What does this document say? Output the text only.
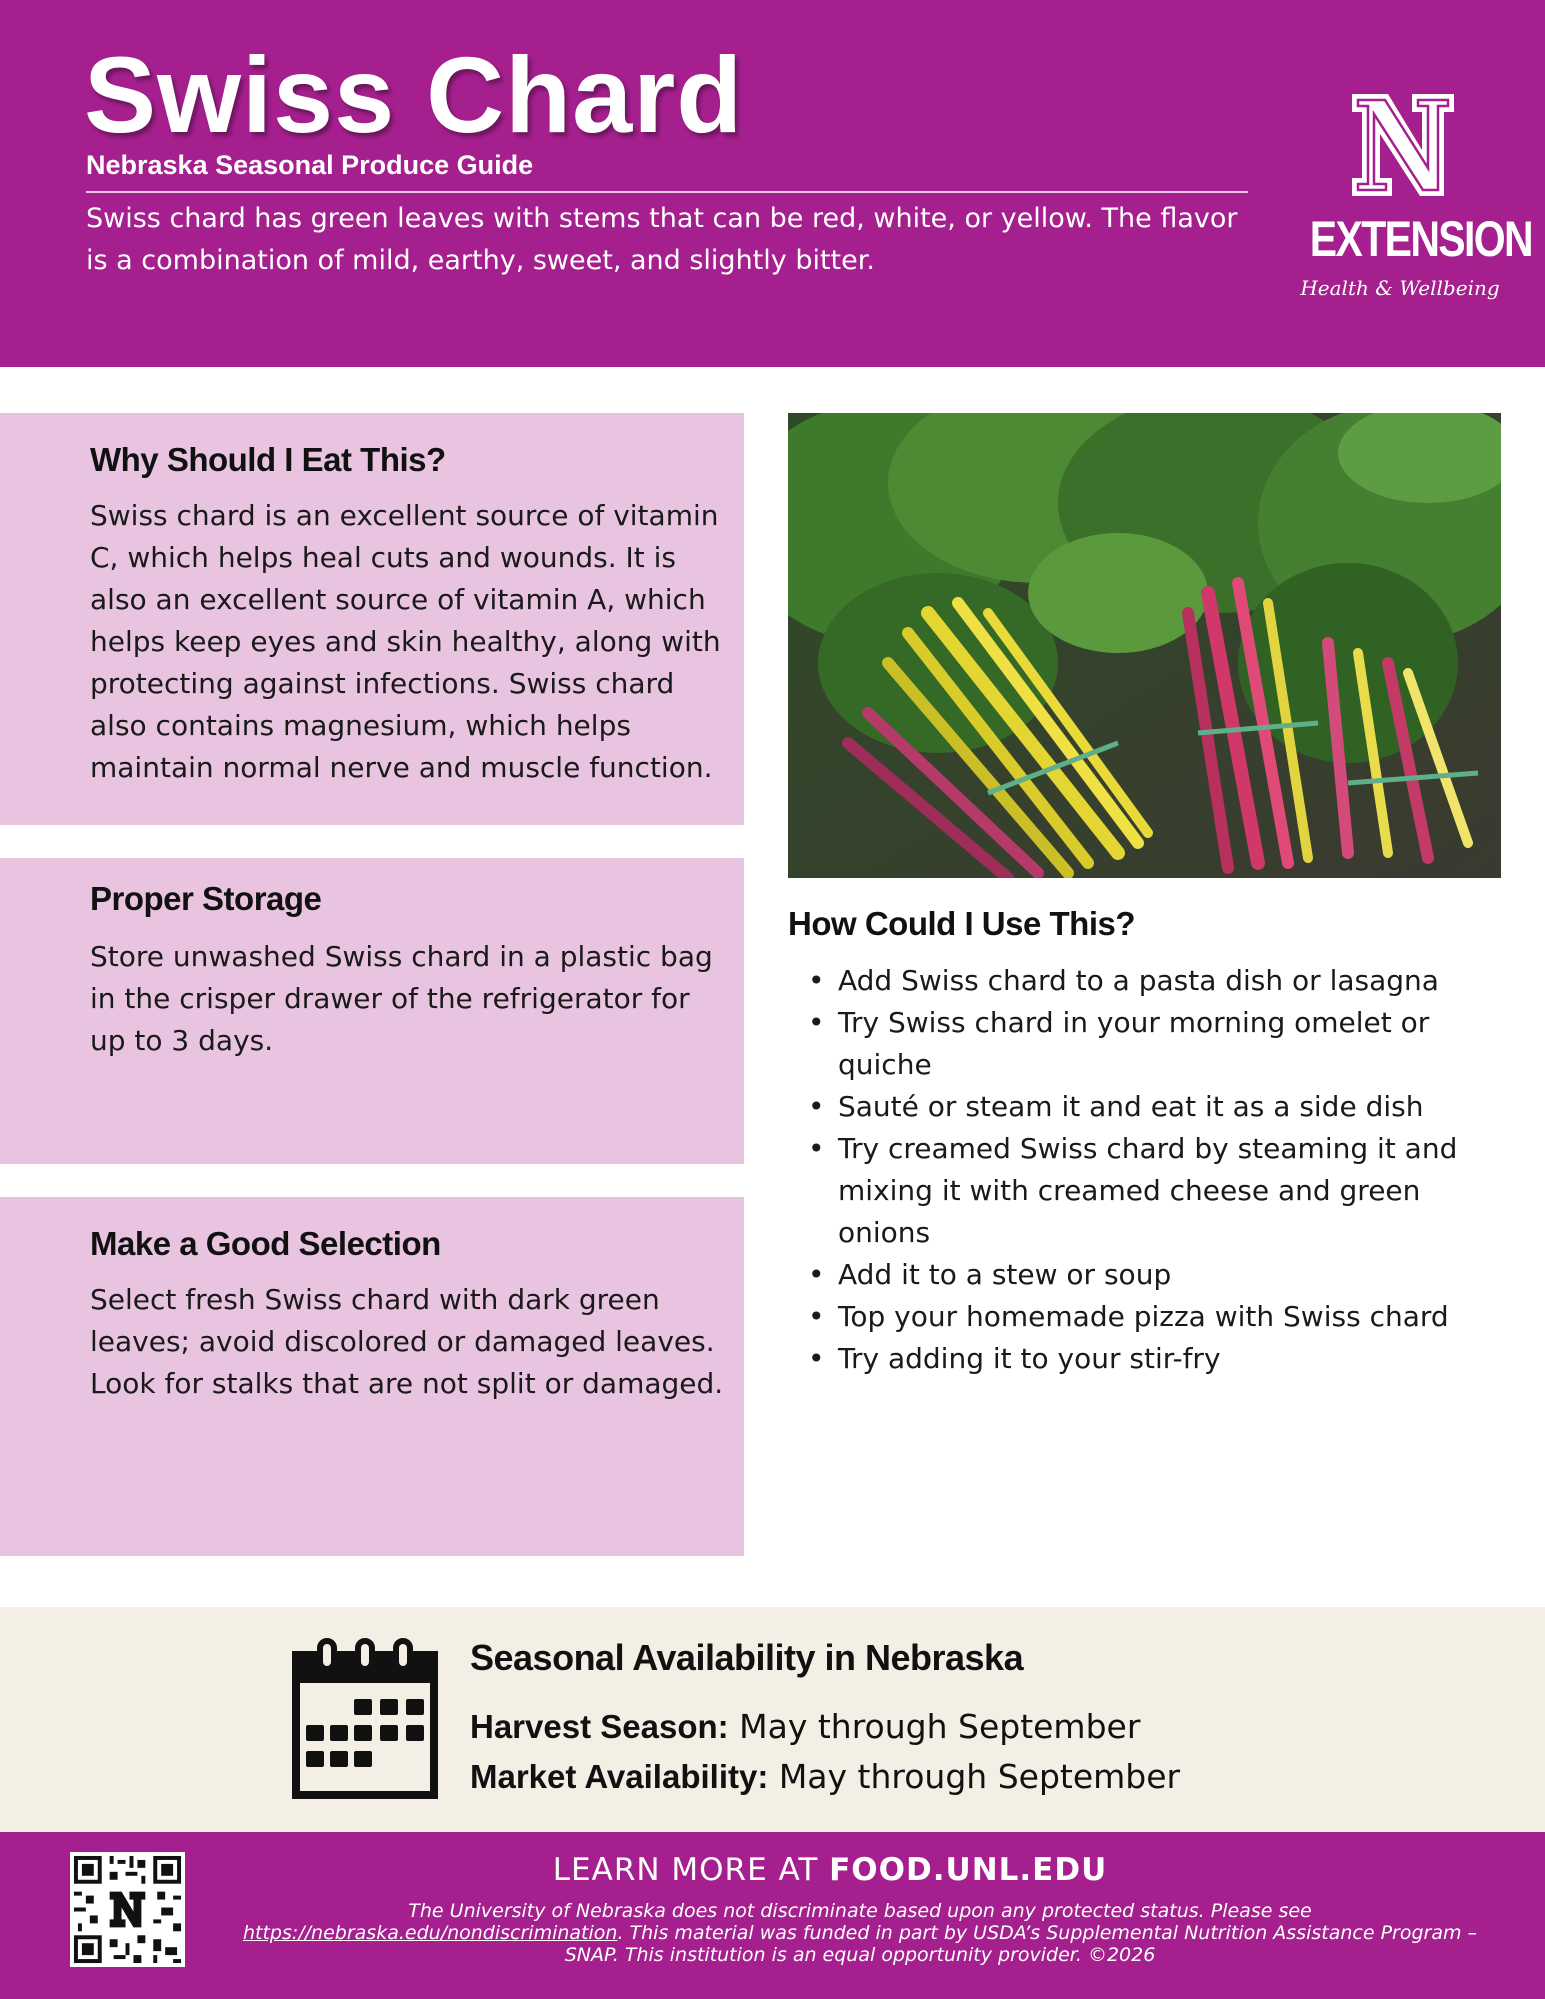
Swiss Chard
Nebraska Seasonal Produce Guide
Swiss chard has green leaves with stems that can be red, white, or yellow. The flavor is a combination of mild, earthy, sweet, and slightly bitter.	EXTENSION
Health & Wellbeing
Why Should I Eat This?

Swiss chard is an excellent source of vitamin C, which helps heal cuts and wounds. It is also an excellent source of vitamin A, which helps keep eyes and skin healthy, along with protecting against infections. Swiss chard also contains magnesium, which helps maintain normal nerve and muscle function.

Proper Storage

Store unwashed Swiss chard in a plastic bag in the crisper drawer of the refrigerator for up to 3 days.

Make a Good Selection

Select fresh Swiss chard with dark green leaves; avoid discolored or damaged leaves. Look for stalks that are not split or damaged.

How Could I Use This?
• Add Swiss chard to a pasta dish or lasagna
• Try Swiss chard in your morning omelet or quiche
• Sauté or steam it and eat it as a side dish
• Try creamed Swiss chard by steaming it and mixing it with creamed cheese and green onions
• Add it to a stew or soup
• Top your homemade pizza with Swiss chard
• Try adding it to your stir-fry
Seasonal Availability in Nebraska
Harvest Season: May through September
Market Availability: May through September
LEARN MORE AT FOOD.UNL.EDU
The University of Nebraska does not discriminate based upon any protected status. Please see https://nebraska.edu/nondiscrimination. This material was funded in part by USDA’s Supplemental Nutrition Assistance Program – SNAP. This institution is an equal opportunity provider. ©2026
